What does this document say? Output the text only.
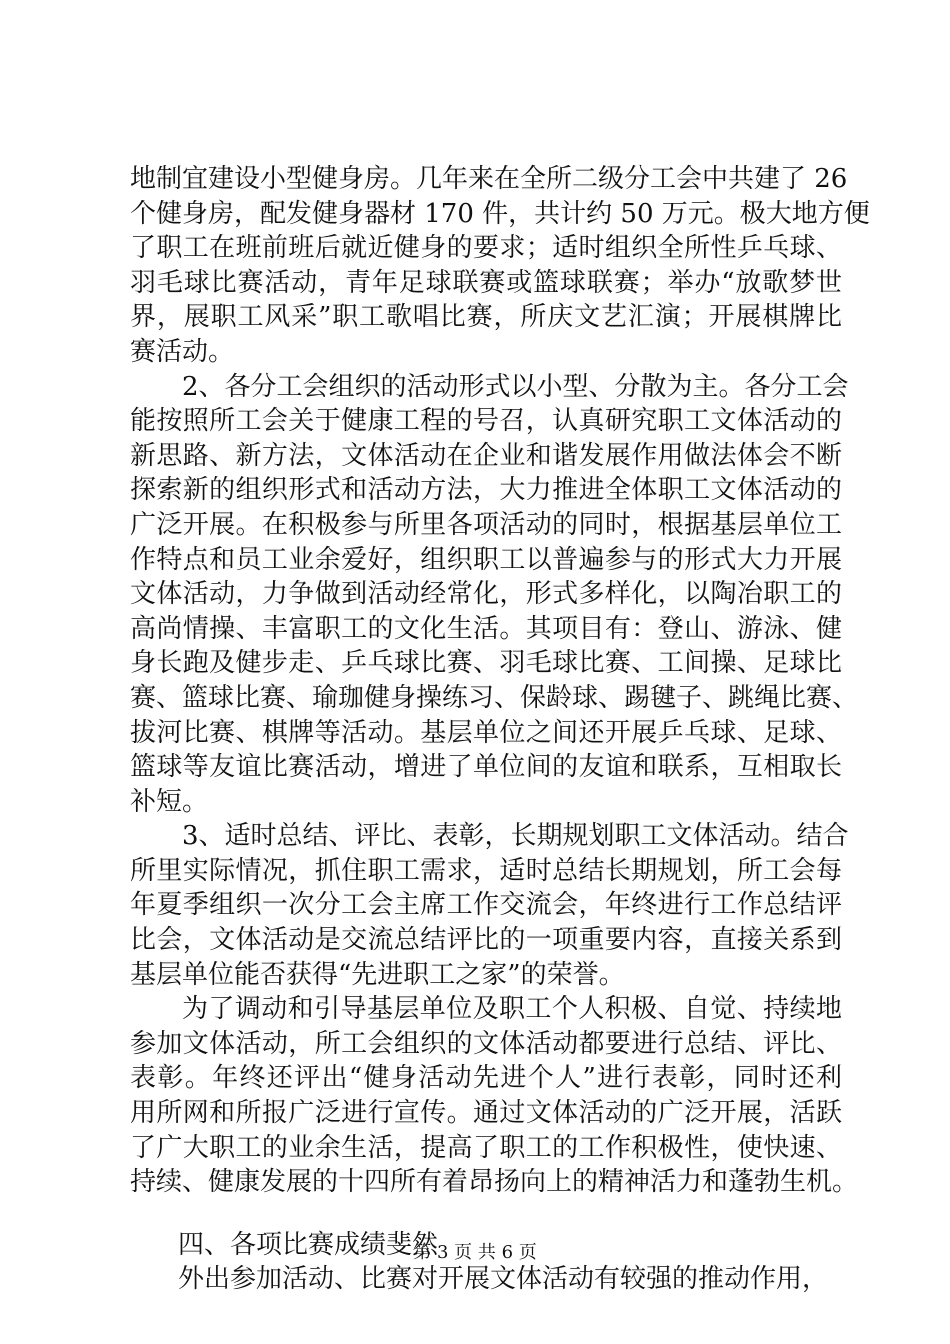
地制宜建设小型健身房。几年来在全所二级分工会中共建了 26
个健身房，配发健身器材 170 件，共计约 50 万元。极大地方便
了职工在班前班后就近健身的要求；适时组织全所性乒乓球、
羽毛球比赛活动，青年足球联赛或篮球联赛；举办“放歌梦世
界，展职工风采”职工歌唱比赛，所庆文艺汇演；开展棋牌比
赛活动。
2、各分工会组织的活动形式以小型、分散为主。各分工会
能按照所工会关于健康工程的号召，认真研究职工文体活动的
新思路、新方法，文体活动在企业和谐发展作用做法体会不断
探索新的组织形式和活动方法，大力推进全体职工文体活动的
广泛开展。在积极参与所里各项活动的同时，根据基层单位工
作特点和员工业余爱好，组织职工以普遍参与的形式大力开展
文体活动，力争做到活动经常化，形式多样化，以陶冶职工的
高尚情操、丰富职工的文化生活。其项目有：登山、游泳、健
身长跑及健步走、乒乓球比赛、羽毛球比赛、工间操、足球比
赛、篮球比赛、瑜珈健身操练习、保龄球、踢毽子、跳绳比赛、
拔河比赛、棋牌等活动。基层单位之间还开展乒乓球、足球、
篮球等友谊比赛活动，增进了单位间的友谊和联系，互相取长
补短。
3、适时总结、评比、表彰，长期规划职工文体活动。结合
所里实际情况，抓住职工需求，适时总结长期规划，所工会每
年夏季组织一次分工会主席工作交流会，年终进行工作总结评
比会，文体活动是交流总结评比的一项重要内容，直接关系到
基层单位能否获得“先进职工之家”的荣誉。
为了调动和引导基层单位及职工个人积极、自觉、持续地
参加文体活动，所工会组织的文体活动都要进行总结、评比、
表彰。年终还评出“健身活动先进个人”进行表彰，同时还利
用所网和所报广泛进行宣传。通过文体活动的广泛开展，活跃
了广大职工的业余生活，提高了职工的工作积极性，使快速、
持续、健康发展的十四所有着昂扬向上的精神活力和蓬勃生机。
四、各项比赛成绩斐然
外出参加活动、比赛对开展文体活动有较强的推动作用，
第 3 页 共 6 页
